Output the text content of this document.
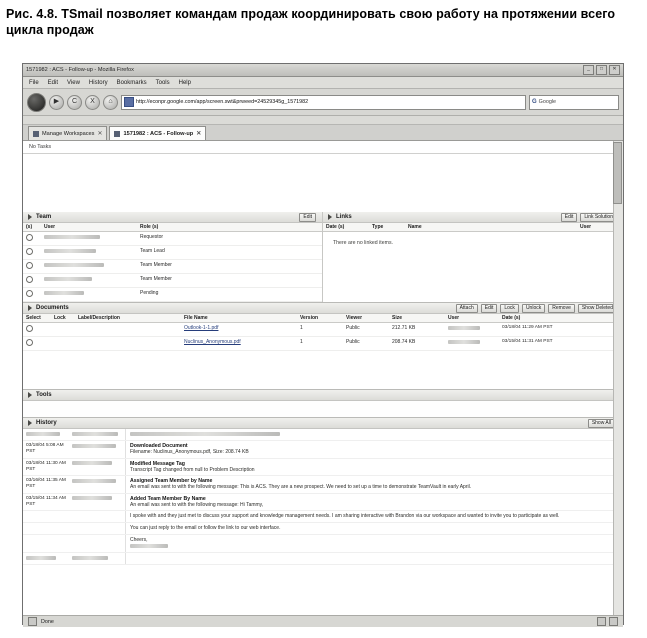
Рис. 4.8. TSmail позволяет командам продаж координировать свою работу на протяжении всего цикла продаж
1571982 : ACS - Follow-up - Mozilla Firefox	_	□	✕
File Edit View History Bookmarks Tools Help
▶	C	X	⌂	http://econpr.google.com/app/screen.swt&prweed=24529345g_1571982	G Google
Manage Workspaces ✕	1571982 : ACS - Follow-up ✕
No Tasks
Team	Edit
(s)	User	Role (s)
		Requestor
		Team Lead
		Team Member
		Team Member
		Pending
Links	Edit	Link Solution
Date (s)	Type	Name	User
There are no linked items.
Documents	Attach	Edit	Lock	Unlock	Remove	Show Deleted
Select	Lock	Label/Description	File Name	Version	Viewer	Size	User	Date (s)
			Outlook-1-1.pdf	1	Public	212.71 KB		03/18/04 11:29 AM PST
			Nuclinus_Anonymous.pdf	1	Public	208.74 KB		03/15/04 11:31 AM PST
Tools
History	Show All
03/18/04 5:08 AM PST
Downloaded Document
Filename: Nuclinus_Anonymous.pdf, Size: 208.74 KB
03/18/04 11:30 AM PST
Modified Message Tag
Transcript Tag changed from null to Problem Description
03/16/04 11:35 AM PST
Assigned Team Member by Name
An email was sent to with the following message: This is ACS. They are a new prospect. We need to set up a time to demonstrate TeamVault in early April.
03/15/04 11:34 AM PST
Added Team Member By Name
An email was sent to with the following message: Hi Tammy,
I spoke with and they just met to discuss your support and knowledge management needs. I am sharing interactive with Brandon via our workspace and wanted to invite you to participate as well.
You can just reply to the email or follow the link to our web interface.
Cheers,
Done
